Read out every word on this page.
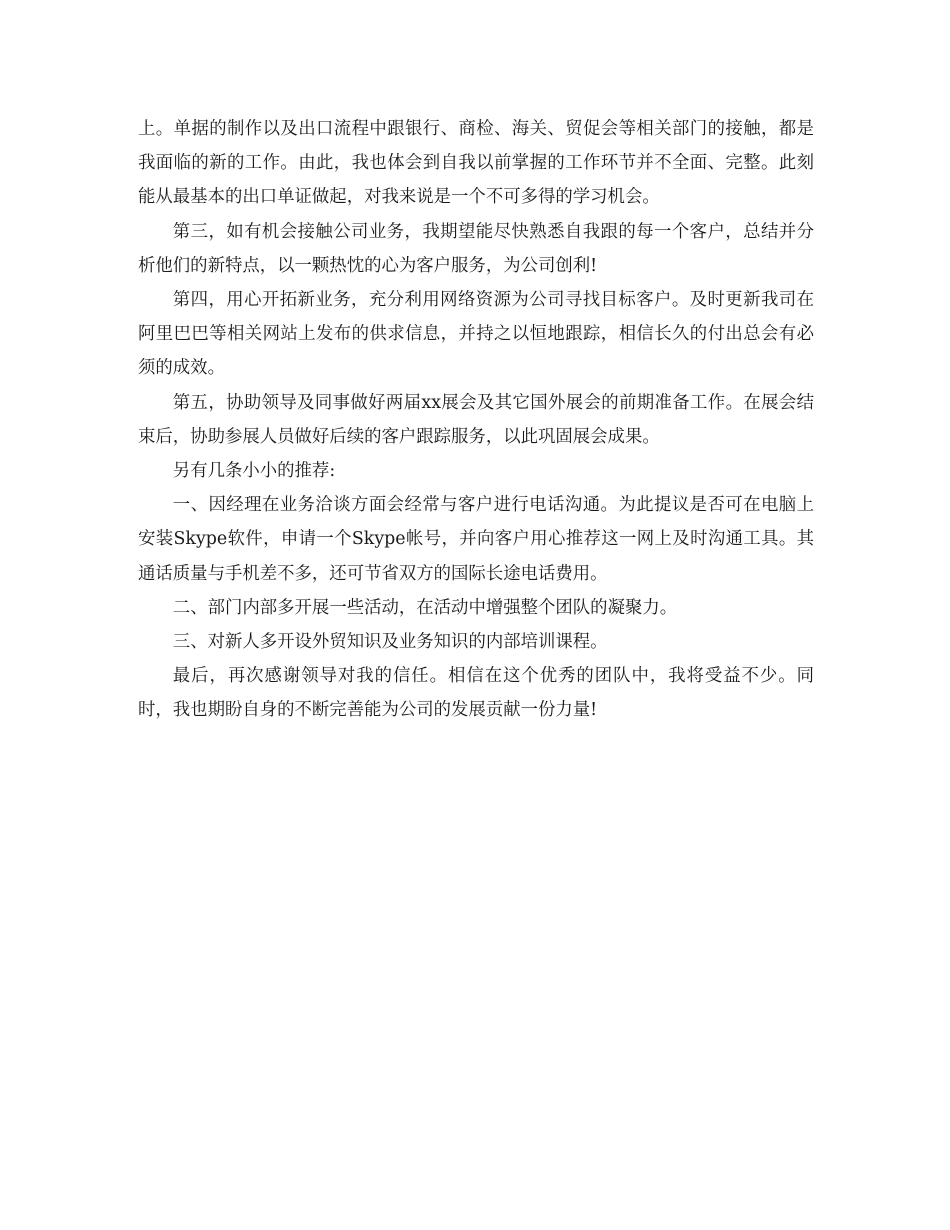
上。单据的制作以及出口流程中跟银行、商检、海关、贸促会等相关部门的接触，都是我面临的新的工作。由此，我也体会到自我以前掌握的工作环节并不全面、完整。此刻能从最基本的出口单证做起，对我来说是一个不可多得的学习机会。

第三，如有机会接触公司业务，我期望能尽快熟悉自我跟的每一个客户，总结并分析他们的新特点，以一颗热忱的心为客户服务，为公司创利!

第四，用心开拓新业务，充分利用网络资源为公司寻找目标客户。及时更新我司在阿里巴巴等相关网站上发布的供求信息，并持之以恒地跟踪，相信长久的付出总会有必须的成效。

第五，协助领导及同事做好两届xx展会及其它国外展会的前期准备工作。在展会结束后，协助参展人员做好后续的客户跟踪服务，以此巩固展会成果。

另有几条小小的推荐:

一、因经理在业务洽谈方面会经常与客户进行电话沟通。为此提议是否可在电脑上安装Skype软件，申请一个Skype帐号，并向客户用心推荐这一网上及时沟通工具。其通话质量与手机差不多，还可节省双方的国际长途电话费用。

二、部门内部多开展一些活动，在活动中增强整个团队的凝聚力。

三、对新人多开设外贸知识及业务知识的内部培训课程。

最后，再次感谢领导对我的信任。相信在这个优秀的团队中，我将受益不少。同时，我也期盼自身的不断完善能为公司的发展贡献一份力量!
